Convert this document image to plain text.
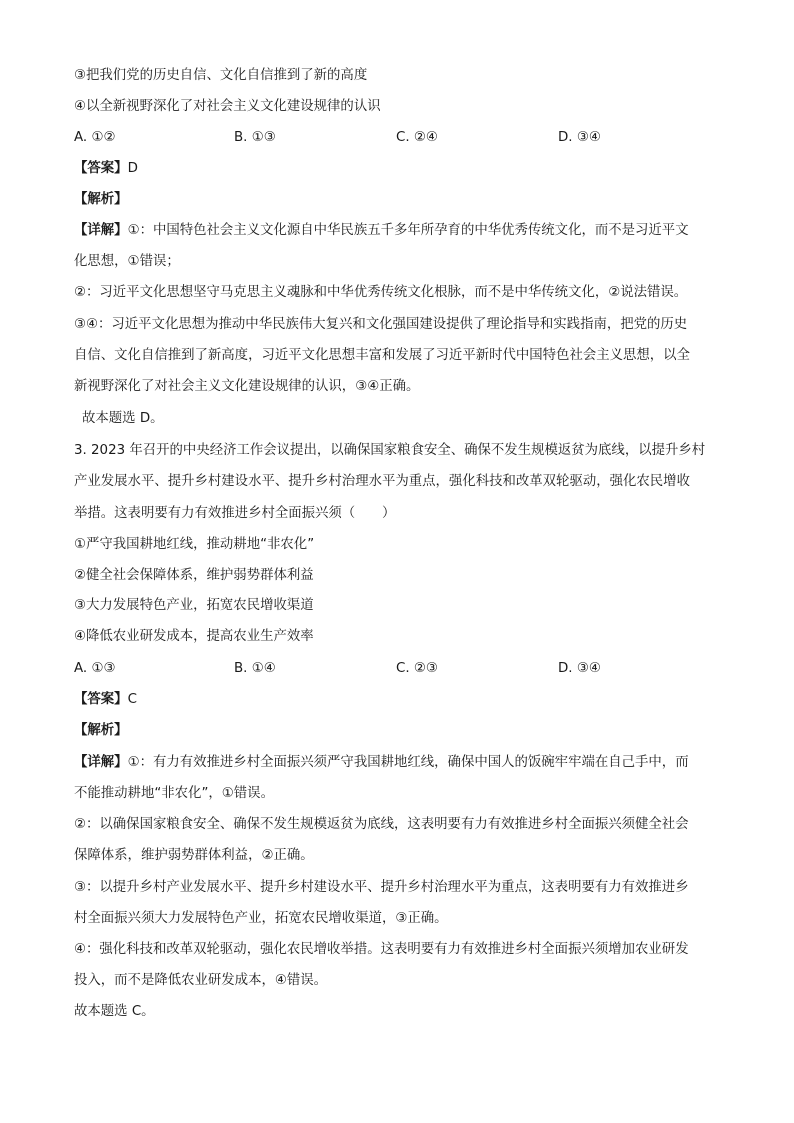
③把我们党的历史自信、文化自信推到了新的高度
④以全新视野深化了对社会主义文化建设规律的认识
A. ①②	B. ①③	C. ②④	D. ③④
【答案】D
【解析】
【详解】①：中国特色社会主义文化源自中华民族五千多年所孕育的中华优秀传统文化，而不是习近平文
化思想，①错误；
②：习近平文化思想坚守马克思主义魂脉和中华优秀传统文化根脉，而不是中华传统文化，②说法错误。
③④：习近平文化思想为推动中华民族伟大复兴和文化强国建设提供了理论指导和实践指南，把党的历史
自信、文化自信推到了新高度，习近平文化思想丰富和发展了习近平新时代中国特色社会主义思想，以全
新视野深化了对社会主义文化建设规律的认识，③④正确。
故本题选 D。
3. 2023 年召开的中央经济工作会议提出，以确保国家粮食安全、确保不发生规模返贫为底线，以提升乡村
产业发展水平、提升乡村建设水平、提升乡村治理水平为重点，强化科技和改革双轮驱动，强化农民增收
举措。这表明要有力有效推进乡村全面振兴须（　　）
①严守我国耕地红线，推动耕地“非农化”
②健全社会保障体系，维护弱势群体利益
③大力发展特色产业，拓宽农民增收渠道
④降低农业研发成本，提高农业生产效率
A. ①③	B. ①④	C. ②③	D. ③④
【答案】C
【解析】
【详解】①：有力有效推进乡村全面振兴须严守我国耕地红线，确保中国人的饭碗牢牢端在自己手中，而
不能推动耕地“非农化”，①错误。
②：以确保国家粮食安全、确保不发生规模返贫为底线，这表明要有力有效推进乡村全面振兴须健全社会
保障体系，维护弱势群体利益，②正确。
③：以提升乡村产业发展水平、提升乡村建设水平、提升乡村治理水平为重点，这表明要有力有效推进乡
村全面振兴须大力发展特色产业，拓宽农民增收渠道，③正确。
④：强化科技和改革双轮驱动，强化农民增收举措。这表明要有力有效推进乡村全面振兴须增加农业研发
投入，而不是降低农业研发成本，④错误。
故本题选 C。
